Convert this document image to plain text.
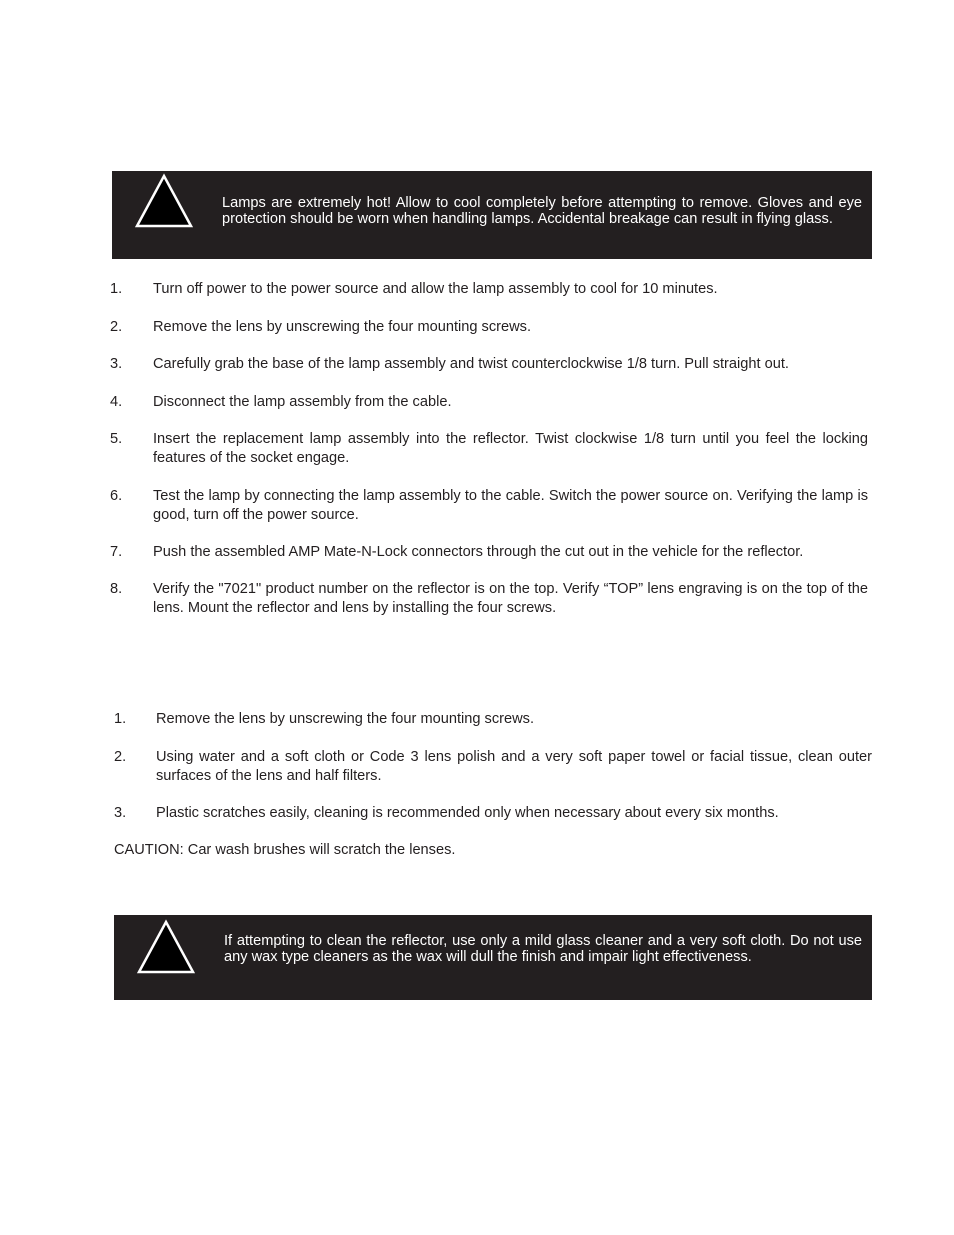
Lamps are extremely hot! Allow to cool completely before attempting to remove. Gloves and eye protection should be worn when handling lamps. Accidental breakage can result in flying glass.
1. Turn off power to the power source and allow the lamp assembly to cool for 10 minutes.
2. Remove the lens by unscrewing the four mounting screws.
3. Carefully grab the base of the lamp assembly and twist counterclockwise 1/8 turn. Pull straight out.
4. Disconnect the lamp assembly from the cable.
5. Insert the replacement lamp assembly into the reflector. Twist clockwise 1/8 turn until you feel the locking features of the socket engage.
6. Test the lamp by connecting the lamp assembly to the cable. Switch the power source on. Verifying the lamp is good, turn off the power source.
7. Push the assembled AMP Mate-N-Lock connectors through the cut out in the vehicle for the reflector.
8. Verify the "7021" product number on the reflector is on the top. Verify “TOP” lens engraving is on the top of the lens. Mount the reflector and lens by installing the four screws.
1. Remove the lens by unscrewing the four mounting screws.
2. Using water and a soft cloth or Code 3 lens polish and a very soft paper towel or facial tissue, clean outer surfaces of the lens and half filters.
3. Plastic scratches easily, cleaning is recommended only when necessary about every six months.
CAUTION: Car wash brushes will scratch the lenses.
If attempting to clean the reflector, use only a mild glass cleaner and a very soft cloth. Do not use any wax type cleaners as the wax will dull the finish and impair light effectiveness.
